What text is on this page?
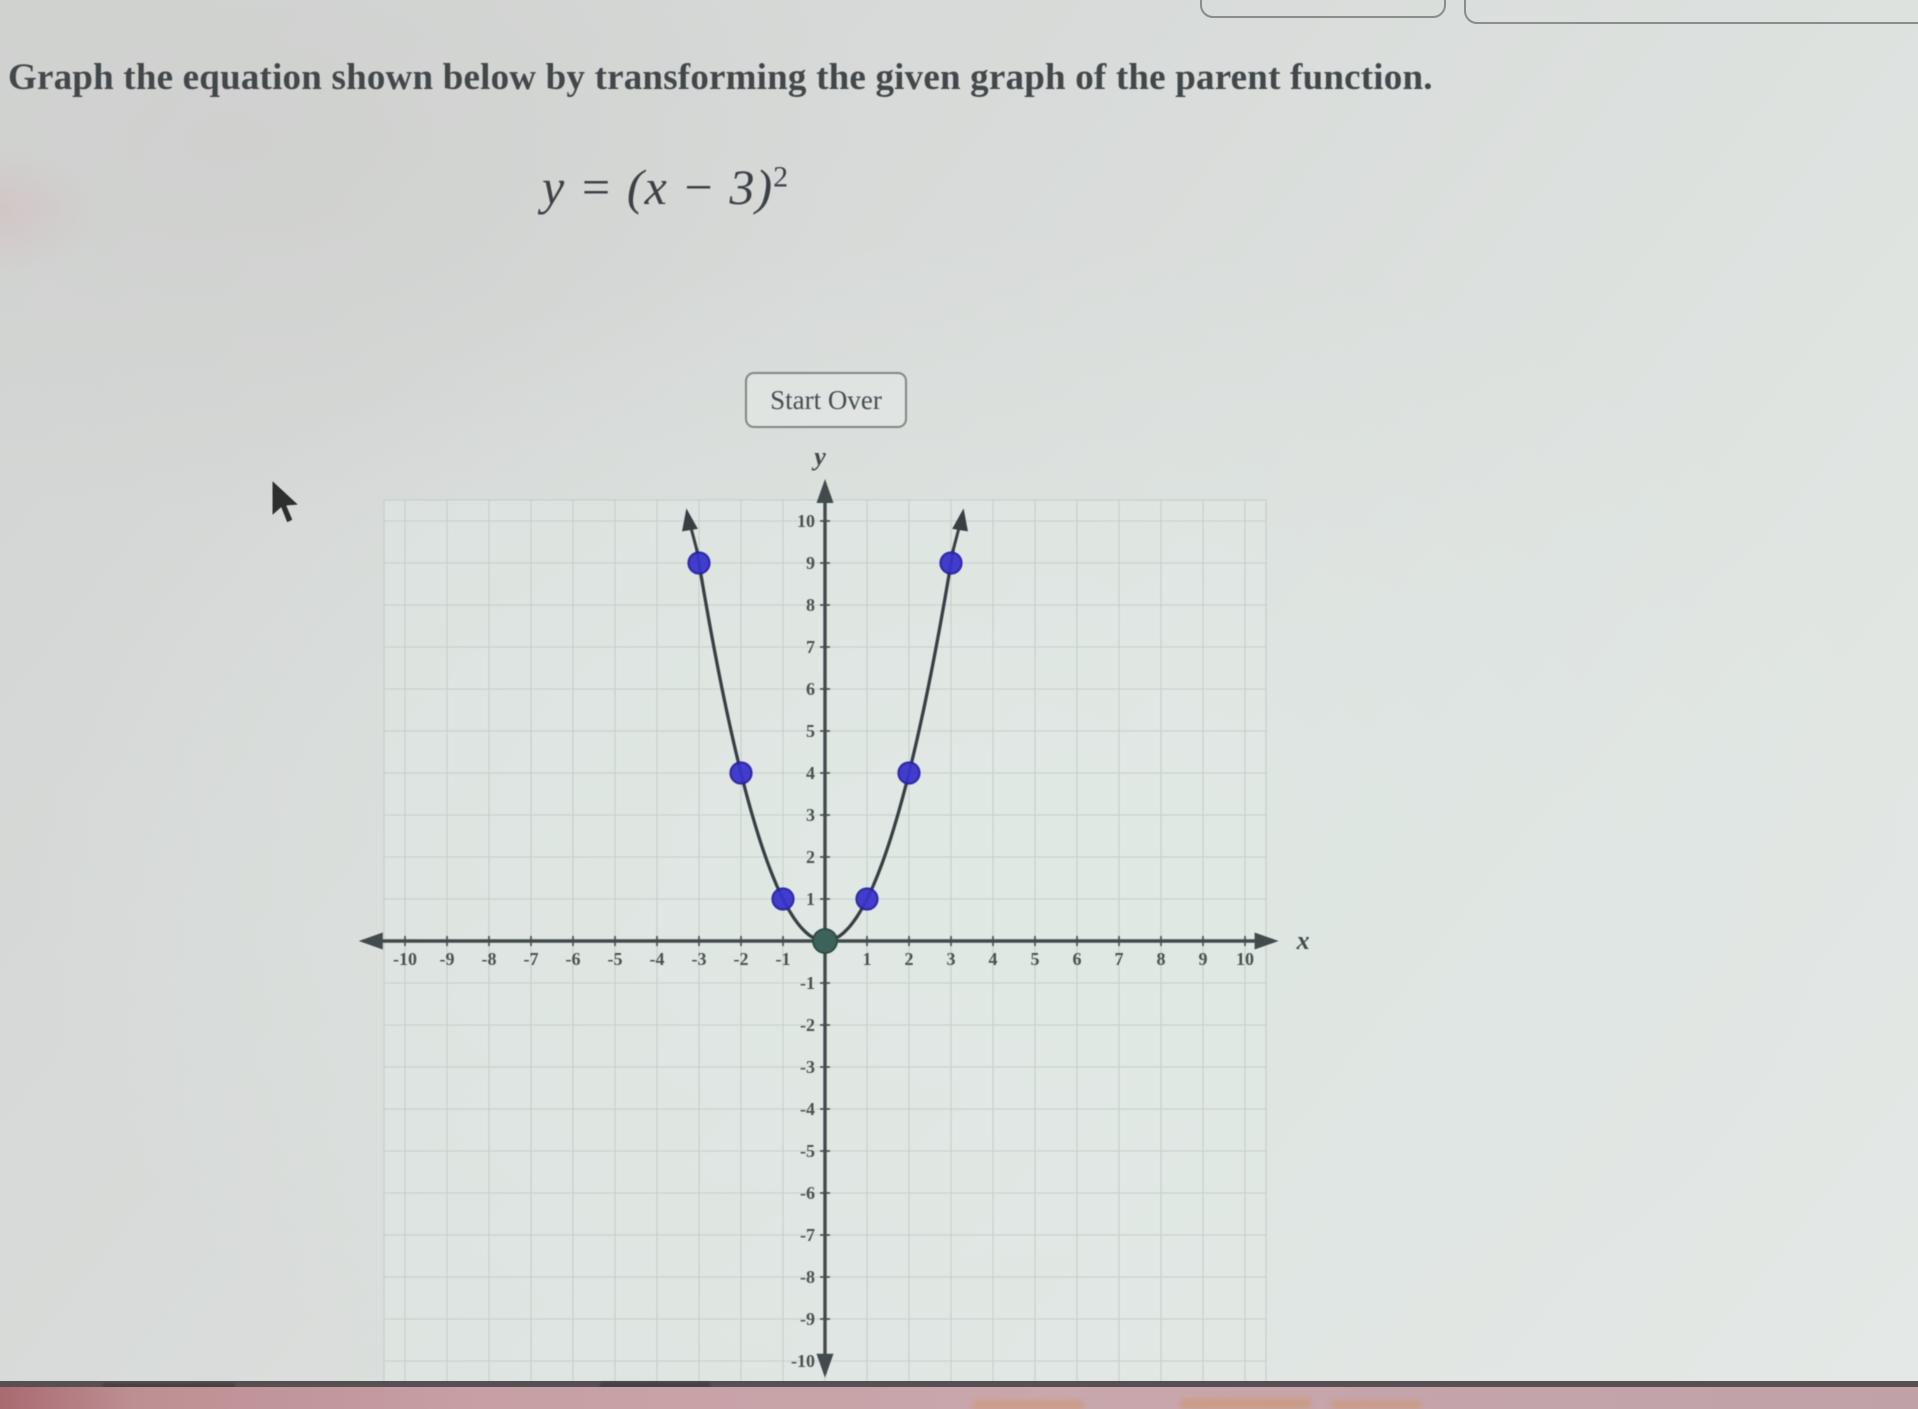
Graph the equation shown below by transforming the given graph of the parent function.
$y = (x - 3)^2$
Start Over
-10 -9 -8 -7 -6 -5 -4 -3 -2 -1	1 2 3 4 5 6 7 8 9 10
10
9
8
7
6
5
4
3
2
1
-1
-2
-3
-4
-5
-6
-7
-8
-9
-10
x
y
